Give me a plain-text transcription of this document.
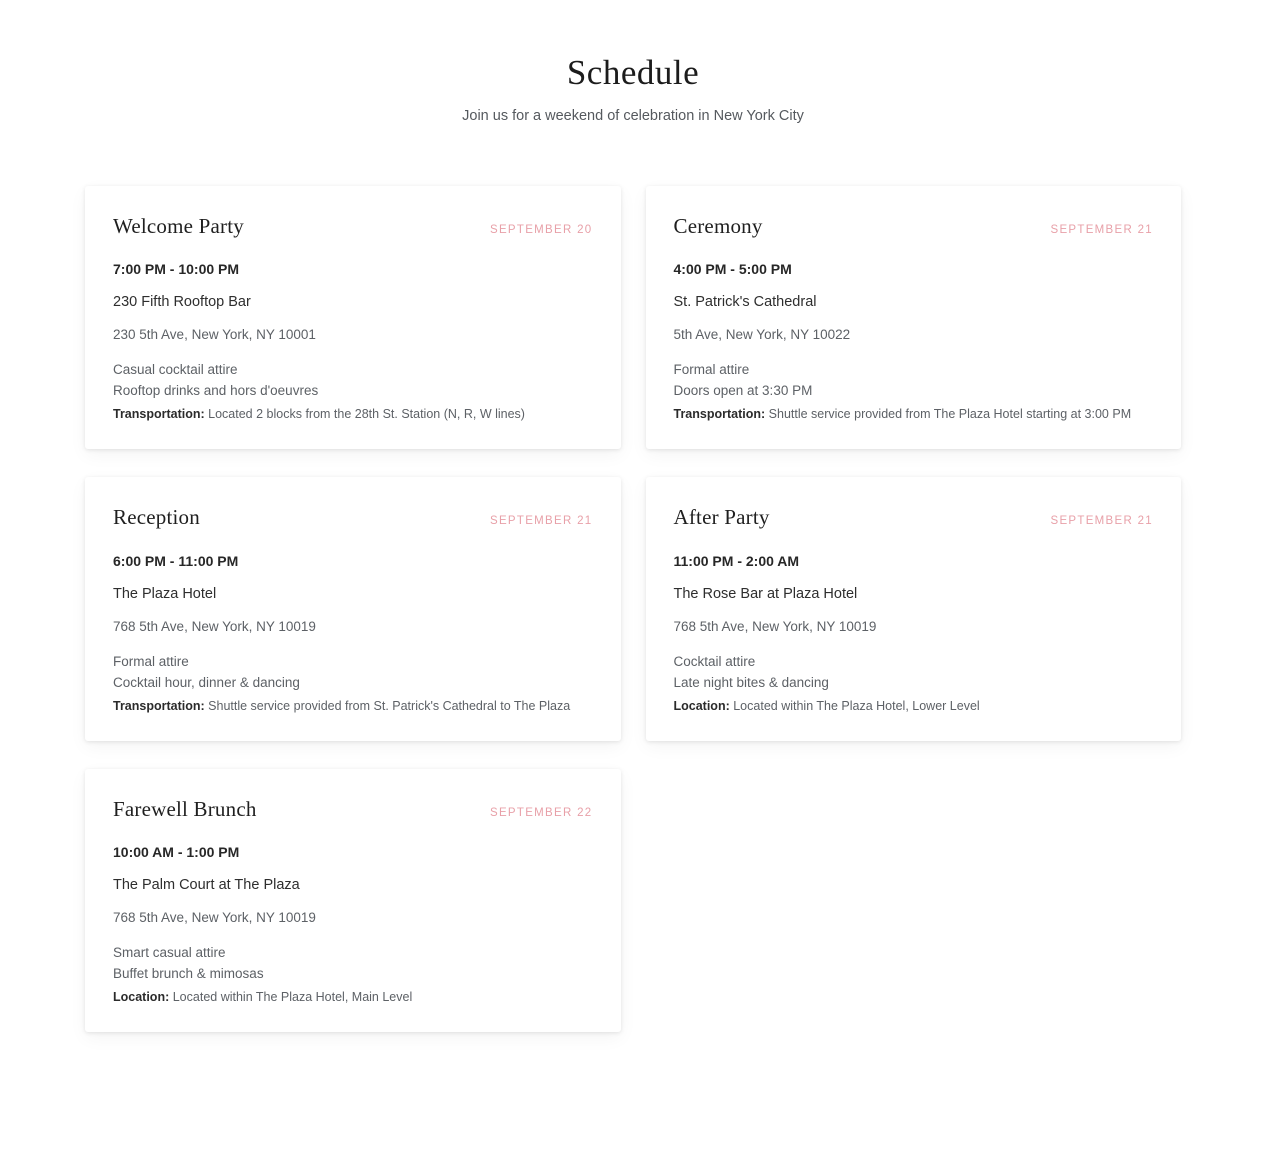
Schedule

Join us for a weekend of celebration in New York City

Welcome Party	SEPTEMBER 20
7:00 PM - 10:00 PM
230 Fifth Rooftop Bar
230 5th Ave, New York, NY 10001
Casual cocktail attire
Rooftop drinks and hors d'oeuvres
Transportation: Located 2 blocks from the 28th St. Station (N, R, W lines)
Ceremony	SEPTEMBER 21
4:00 PM - 5:00 PM
St. Patrick's Cathedral
5th Ave, New York, NY 10022
Formal attire
Doors open at 3:30 PM
Transportation: Shuttle service provided from The Plaza Hotel starting at 3:00 PM
Reception	SEPTEMBER 21
6:00 PM - 11:00 PM
The Plaza Hotel
768 5th Ave, New York, NY 10019
Formal attire
Cocktail hour, dinner & dancing
Transportation: Shuttle service provided from St. Patrick's Cathedral to The Plaza
After Party	SEPTEMBER 21
11:00 PM - 2:00 AM
The Rose Bar at Plaza Hotel
768 5th Ave, New York, NY 10019
Cocktail attire
Late night bites & dancing
Location: Located within The Plaza Hotel, Lower Level
Farewell Brunch	SEPTEMBER 22
10:00 AM - 1:00 PM
The Palm Court at The Plaza
768 5th Ave, New York, NY 10019
Smart casual attire
Buffet brunch & mimosas
Location: Located within The Plaza Hotel, Main Level
